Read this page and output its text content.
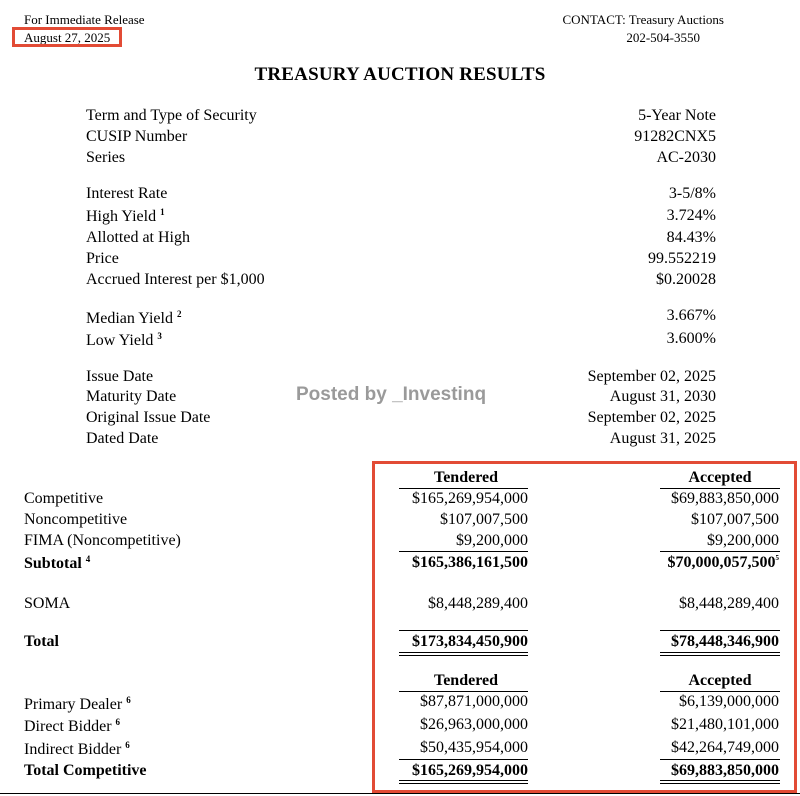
For Immediate Release
August 27, 2025
CONTACT: Treasury Auctions
202-504-3550
TREASURY AUCTION RESULTS
Term and Type of Security	5-Year Note
CUSIP Number	91282CNX5
Series	AC-2030
Interest Rate	3-5/8%
High Yield $^1$	3.724%
Allotted at High	84.43%
Price	99.552219
Accrued Interest per $1,000	$0.20028
Median Yield $^2$	3.667%
Low Yield $^3$	3.600%
Issue Date	September 02, 2025
Maturity Date	August 31, 2030
Original Issue Date	September 02, 2025
Dated Date	August 31, 2025
Posted by _Investinq
Tendered	Accepted
Competitive	$165,269,954,000	$69,883,850,000
Noncompetitive	$107,007,500	$107,007,500
FIMA (Noncompetitive)	$9,200,000	$9,200,000
Subtotal $^4$	$165,386,161,500	$70,000,057,500$^5$
SOMA	$8,448,289,400	$8,448,289,400
Total	$173,834,450,900	$78,448,346,900
Tendered	Accepted
Primary Dealer $^6$	$87,871,000,000	$6,139,000,000
Direct Bidder $^6$	$26,963,000,000	$21,480,101,000
Indirect Bidder $^6$	$50,435,954,000	$42,264,749,000
Total Competitive	$165,269,954,000	$69,883,850,000
